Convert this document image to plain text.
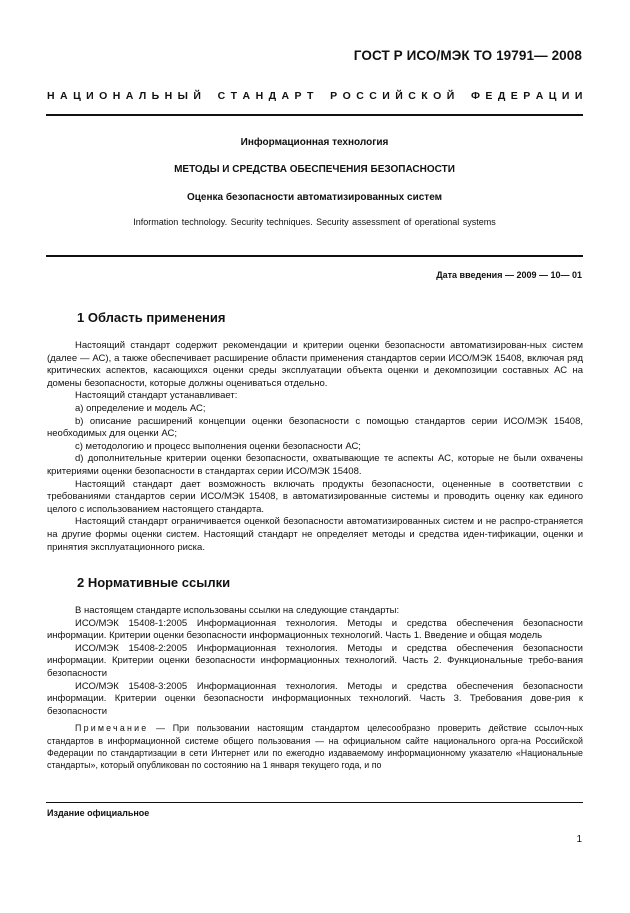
ГОСТ Р ИСО/МЭК ТО 19791— 2008
Н А Ц И О Н А Л Ь Н Ы Й С Т А Н Д А Р Т Р О С С И Й С К О Й Ф Е Д Е Р А Ц И И
Информационная технология
МЕТОДЫ И СРЕДСТВА ОБЕСПЕЧЕНИЯ БЕЗОПАСНОСТИ
Оценка безопасности автоматизированных систем
Information technology. Security techniques. Security assessment of operational systems
Дата введения — 2009 — 10— 01
1 Область применения

Настоящий стандарт содержит рекомендации и критерии оценки безопасности автоматизирован-ных систем (далее — АС), а также обеспечивает расширение области применения стандартов серии ИСО/МЭК 15408, включая ряд критических аспектов, касающихся оценки среды эксплуатации объекта оценки и декомпозиции составных АС на домены безопасности, которые должны оцениваться отдельно.

Настоящий стандарт устанавливает:

а) определение и модель АС;

b) описание расширений концепции оценки безопасности с помощью стандартов серии ИСО/МЭК 15408, необходимых для оценки АС;

с) методологию и процесс выполнения оценки безопасности АС;

d) дополнительные критерии оценки безопасности, охватывающие те аспекты АС, которые не были охвачены критериями оценки безопасности в стандартах серии ИСО/МЭК 15408.

Настоящий стандарт дает возможность включать продукты безопасности, оцененные в соответствии с требованиями стандартов серии ИСО/МЭК 15408, в автоматизированные системы и проводить оценку как единого целого с использованием настоящего стандарта.

Настоящий стандарт ограничивается оценкой безопасности автоматизированных систем и не распро-страняется на другие формы оценки систем. Настоящий стандарт не определяет методы и средства иден-тификации, оценки и принятия эксплуатационного риска.

2 Нормативные ссылки

В настоящем стандарте использованы ссылки на следующие стандарты:

ИСО/МЭК 15408-1:2005 Информационная технология. Методы и средства обеспечения безопасности информации. Критерии оценки безопасности информационных технологий. Часть 1. Введение и общая модель

ИСО/МЭК 15408-2:2005 Информационная технология. Методы и средства обеспечения безопасности информации. Критерии оценки безопасности информационных технологий. Часть 2. Функциональные требо-вания безопасности

ИСО/МЭК 15408-3:2005 Информационная технология. Методы и средства обеспечения безопасности информации. Критерии оценки безопасности информационных технологий. Часть 3. Требования дове-рия к безопасности

Примечание — При пользовании настоящим стандартом целесообразно проверить действие ссылоч-ных стандартов в информационной системе общего пользования — на официальном сайте национального орга-на Российской Федерации по стандартизации в сети Интернет или по ежегодно издаваемому информационному указателю «Национальные стандарты», который опубликован по состоянию на 1 января текущего года, и по

Издание официальное
1
